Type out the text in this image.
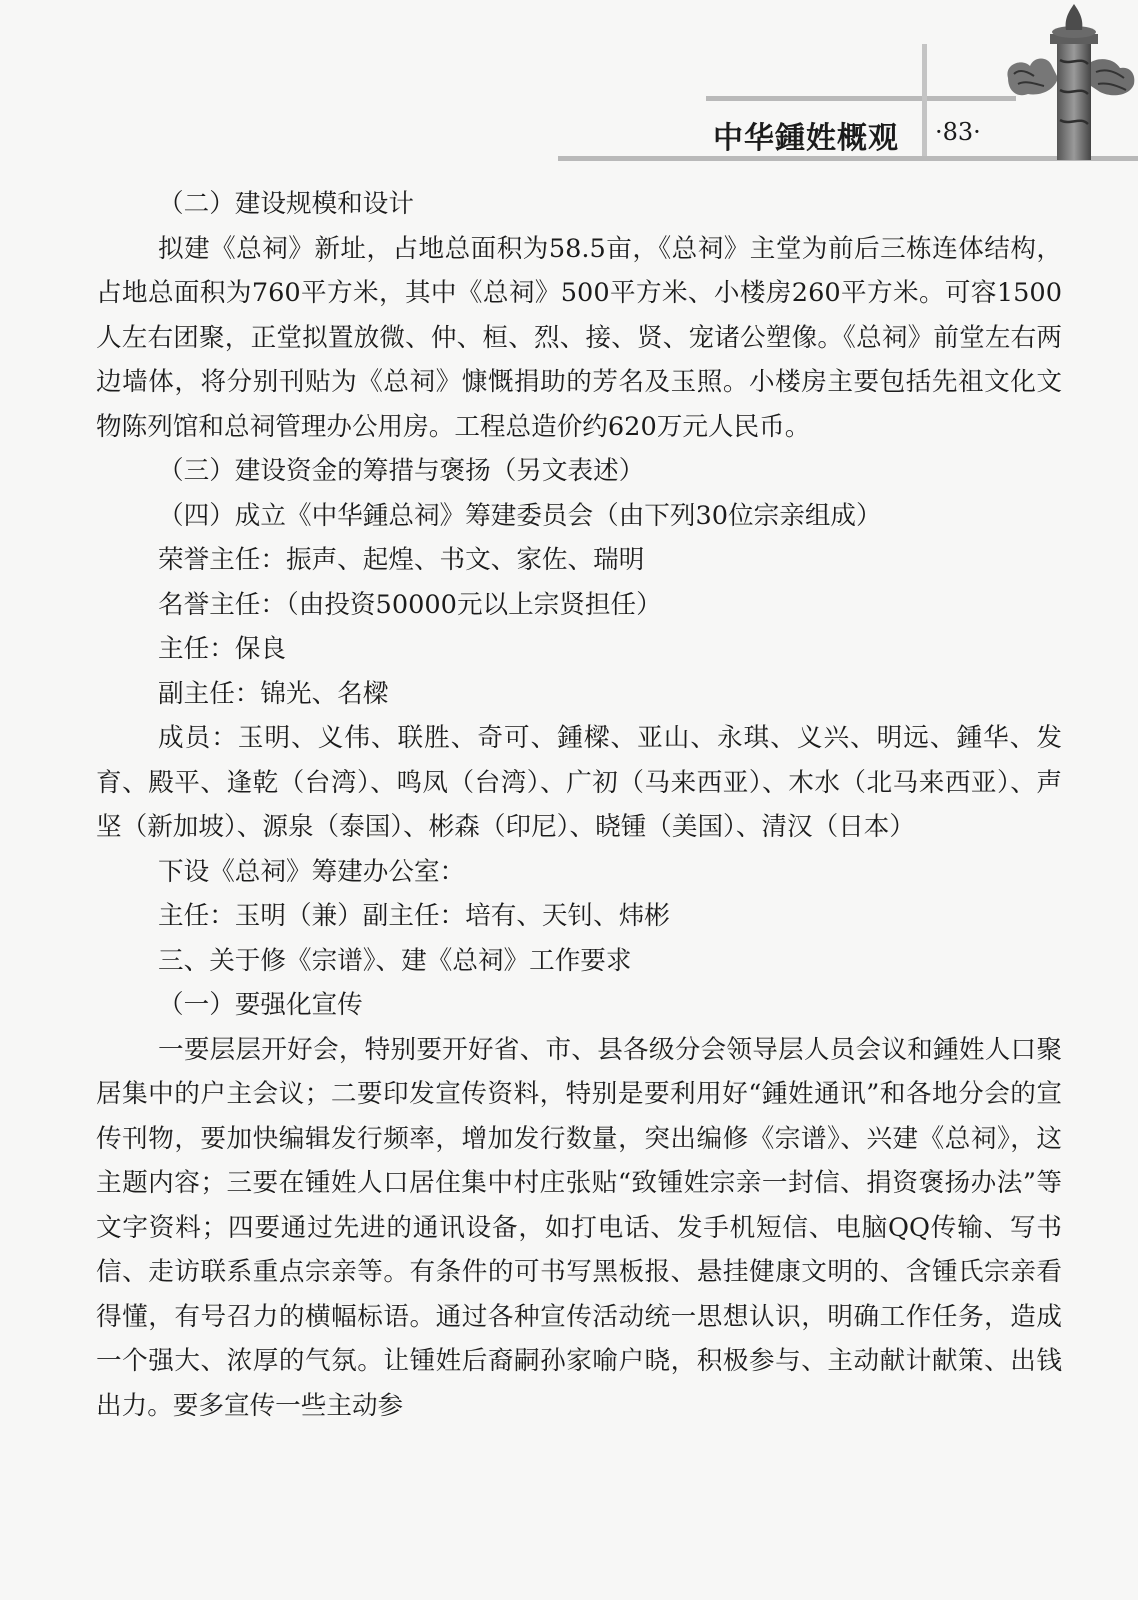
中华鍾姓概观 ·83·

（二）建设规模和设计

拟建《总祠》新址，占地总面积为58.5亩，《总祠》主堂为前后三栋连体结构，占地总面积为760平方米，其中《总祠》500平方米、小楼房260平方米。可容1500人左右团聚，正堂拟置放微、仲、桓、烈、接、贤、宠诸公塑像。《总祠》前堂左右两边墙体，将分别刊贴为《总祠》慷慨捐助的芳名及玉照。小楼房主要包括先祖文化文物陈列馆和总祠管理办公用房。工程总造价约620万元人民币。

（三）建设资金的筹措与褒扬（另文表述）

（四）成立《中华鍾总祠》筹建委员会（由下列30位宗亲组成）

荣誉主任：振声、起煌、书文、家佐、瑞明

名誉主任：（由投资50000元以上宗贤担任）

主任：保良

副主任：锦光、名樑

成员：玉明、义伟、联胜、奇可、鍾樑、亚山、永琪、义兴、明远、鍾华、发育、殿平、逢乾（台湾）、鸣凤（台湾）、广初（马来西亚）、木水（北马来西亚）、声坚（新加坡）、源泉（泰国）、彬森（印尼）、晓锺（美国）、清汉（日本）

下设《总祠》筹建办公室：

主任：玉明（兼）副主任：培有、天钊、炜彬

三、关于修《宗谱》、建《总祠》工作要求

（一）要强化宣传

一要层层开好会，特别要开好省、市、县各级分会领导层人员会议和鍾姓人口聚居集中的户主会议；二要印发宣传资料，特别是要利用好“鍾姓通讯”和各地分会的宣传刊物，要加快编辑发行频率，增加发行数量，突出编修《宗谱》、兴建《总祠》，这主题内容；三要在锺姓人口居住集中村庄张贴“致锺姓宗亲一封信、捐资褒扬办法”等文字资料；四要通过先进的通讯设备，如打电话、发手机短信、电脑QQ传输、写书信、走访联系重点宗亲等。有条件的可书写黑板报、悬挂健康文明的、含锺氏宗亲看得懂，有号召力的横幅标语。通过各种宣传活动统一思想认识，明确工作任务，造成一个强大、浓厚的气氛。让锺姓后裔嗣孙家喻户晓，积极参与、主动献计献策、出钱出力。要多宣传一些主动参
